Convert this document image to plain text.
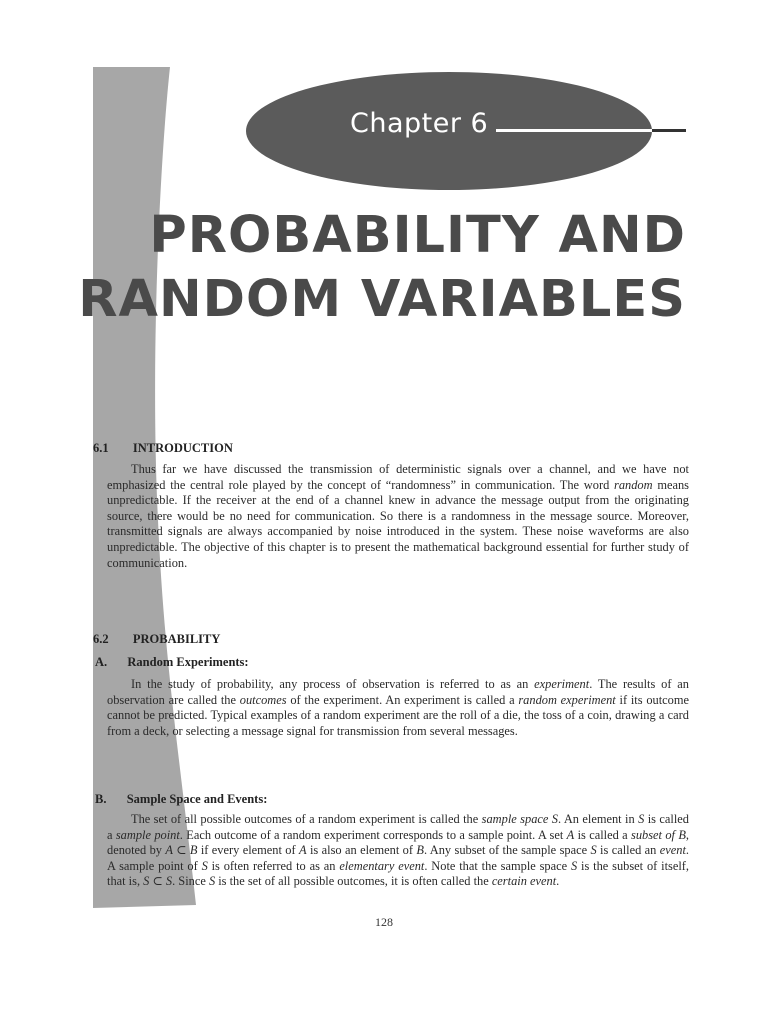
Chapter 6
PROBABILITY AND
RANDOM VARIABLES
6.1 INTRODUCTION
Thus far we have discussed the transmission of deterministic signals over a channel, and we have not emphasized the central role played by the concept of “randomness” in communication. The word random means unpredictable. If the receiver at the end of a channel knew in advance the message output from the originating source, there would be no need for communication. So there is a randomness in the message source. Moreover, transmitted signals are always accompanied by noise introduced in the system. These noise waveforms are also unpredictable. The objective of this chapter is to present the mathematical background essential for further study of communication.
6.2 PROBABILITY
A. Random Experiments:
In the study of probability, any process of observation is referred to as an experiment. The results of an observation are called the outcomes of the experiment. An experiment is called a random experiment if its outcome cannot be predicted. Typical examples of a random experiment are the roll of a die, the toss of a coin, drawing a card from a deck, or selecting a message signal for transmission from several messages.
B. Sample Space and Events:
The set of all possible outcomes of a random experiment is called the sample space S. An element in S is called a sample point. Each outcome of a random experiment corresponds to a sample point. A set A is called a subset of B, denoted by A ⊂ B if every element of A is also an element of B. Any subset of the sample space S is called an event. A sample point of S is often referred to as an elementary event. Note that the sample space S is the subset of itself, that is, S ⊂ S. Since S is the set of all possible outcomes, it is often called the certain event.
128
